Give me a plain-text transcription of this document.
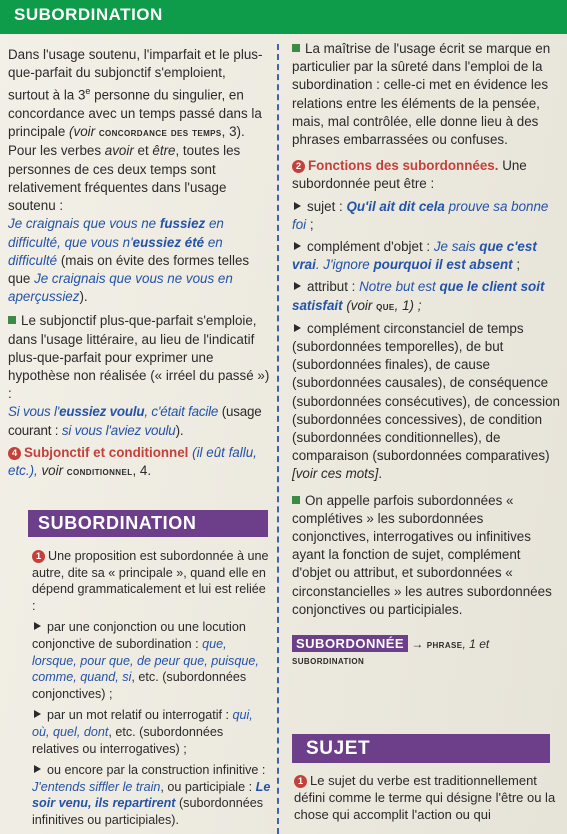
SUBORDINATION

Dans l'usage soutenu, l'imparfait et le plus-que-parfait du subjonctif s'emploient, surtout à la 3e personne du singulier, en concordance avec un temps passé dans la principale (voir concordance des temps, 3). Pour les verbes avoir et être, toutes les personnes de ces deux temps sont relativement fréquentes dans l'usage soutenu :

Je craignais que vous ne fussiez en difficulté, que vous n'eussiez été en difficulté (mais on évite des formes telles que Je craignais que vous ne vous en aperçussiez).

Le subjonctif plus-que-parfait s'emploie, dans l'usage littéraire, au lieu de l'indicatif plus-que-parfait pour exprimer une hypothèse non réalisée (« irréel du passé ») :

Si vous l'eussiez voulu, c'était facile (usage courant : si vous l'aviez voulu).

4 Subjonctif et conditionnel (il eût fallu, etc.), voir conditionnel, 4.

SUBORDINATION

1 Une proposition est subordonnée à une autre, dite sa « principale », quand elle en dépend grammaticalement et lui est reliée :

par une conjonction ou une locution conjonctive de subordination : que, lorsque, pour que, de peur que, puisque, comme, quand, si, etc. (subordonnées conjonctives) ;

par un mot relatif ou interrogatif : qui, où, quel, dont, etc. (subordonnées relatives ou interrogatives) ;

ou encore par la construction infinitive : J'entends siffler le train, ou participiale : Le soir venu, ils repartirent (subordonnées infinitives ou participiales).

La maîtrise de l'usage écrit se marque en particulier par la sûreté dans l'emploi de la subordination : celle-ci met en évidence les relations entre les éléments de la pensée, mais, mal contrôlée, elle donne lieu à des phrases embarrassées ou confuses.

2 Fonctions des subordonnées. Une subordonnée peut être :

sujet : Qu'il ait dit cela prouve sa bonne foi ;

complément d'objet : Je sais que c'est vrai. J'ignore pourquoi il est absent ;

attribut : Notre but est que le client soit satisfait (voir que, 1) ;

complément circonstanciel de temps (subordonnées temporelles), de but (subordonnées finales), de cause (subordonnées causales), de conséquence (subordonnées consécutives), de concession (subordonnées concessives), de condition (subordonnées conditionnelles), de comparaison (subordonnées comparatives) [voir ces mots].

On appelle parfois subordonnées « complétives » les subordonnées conjonctives, interrogatives ou infinitives ayant la fonction de sujet, complément d'objet ou attribut, et subordonnées « circonstancielles » les autres subordonnées conjonctives ou participiales.

SUBORDONNÉE → phrase, 1 et
subordination

SUJET

1 Le sujet du verbe est traditionnellement défini comme le terme qui désigne l'être ou la chose qui accomplit l'action ou qui
